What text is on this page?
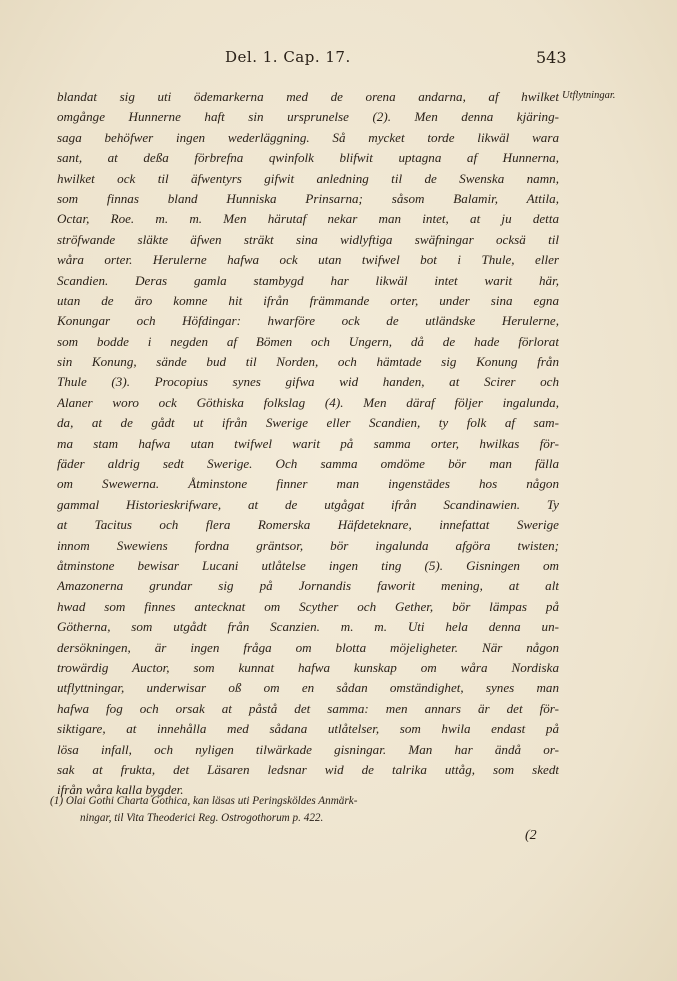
Del. 1. Cap. 17.	543
Utflytningar.
blandat sig uti ödemarkerna med de orena andarna, af hwilket
omgånge Hunnerne haft sin ursprunelse (2). Men denna kjäring-
saga behöfwer ingen wederläggning. Så mycket torde likwäl wara
sant, at deßa förbrefna qwinfolk blifwit uptagna af Hunnerna,
hwilket ock til äfwentyrs gifwit anledning til de Swenska namn,
som finnas bland Hunniska Prinsarna; såsom Balamir, Attila,
Octar, Roe. m. m. Men härutaf nekar man intet, at ju detta
ströfwande släkte äfwen sträkt sina widlyftiga swäfningar ocksä til
wåra orter. Herulerne hafwa ock utan twifwel bot i Thule, eller
Scandien. Deras gamla stambygd har likwäl intet warit här,
utan de äro komne hit ifrån främmande orter, under sina egna
Konungar och Höfdingar: hwarföre ock de utländske Herulerne,
som bodde i negden af Bömen och Ungern, då de hade förlorat
sin Konung, sände bud til Norden, och hämtade sig Konung från
Thule (3). Procopius synes gifwa wid handen, at Scirer och
Alaner woro ock Göthiska folkslag (4). Men däraf följer ingalunda,
da, at de gådt ut ifrån Swerige eller Scandien, ty folk af sam-
ma stam hafwa utan twifwel warit på samma orter, hwilkas för-
fäder aldrig sedt Swerige. Och samma omdöme bör man fälla
om Swewerna. Åtminstone finner man ingenstädes hos någon
gammal Historieskrifware, at de utgågat ifrån Scandinawien. Ty
at Tacitus och flera Romerska Häfdeteknare, innefattat Swerige
innom Swewiens fordna gräntsor, bör ingalunda afgöra twisten;
åtminstone bewisar Lucani utlåtelse ingen ting (5). Gisningen om
Amazonerna grundar sig på Jornandis faworit mening, at alt
hwad som finnes antecknat om Scyther och Gether, bör lämpas på
Götherna, som utgådt från Scanzien. m. m. Uti hela denna un-
dersökningen, är ingen fråga om blotta möjeligheter. När någon
trowärdig Auctor, som kunnat hafwa kunskap om wåra Nordiska
utflyttningar, underwisar oß om en sådan omständighet, synes man
hafwa fog och orsak at påstå det samma: men annars är det för-
siktigare, at innehålla med sådana utlåtelser, som hwila endast på
lösa infall, och nyligen tilwärkade gisningar. Man har ändå or-
sak at frukta, det Läsaren ledsnar wid de talrika uttåg, som skedt
ifrån wåra kalla bygder.
(1) Olai Gothi Charta Gothica, kan läsas uti Peringsköldes Anmärk-
ningar, til Vita Theoderici Reg. Ostrogothorum p. 422.
(2
